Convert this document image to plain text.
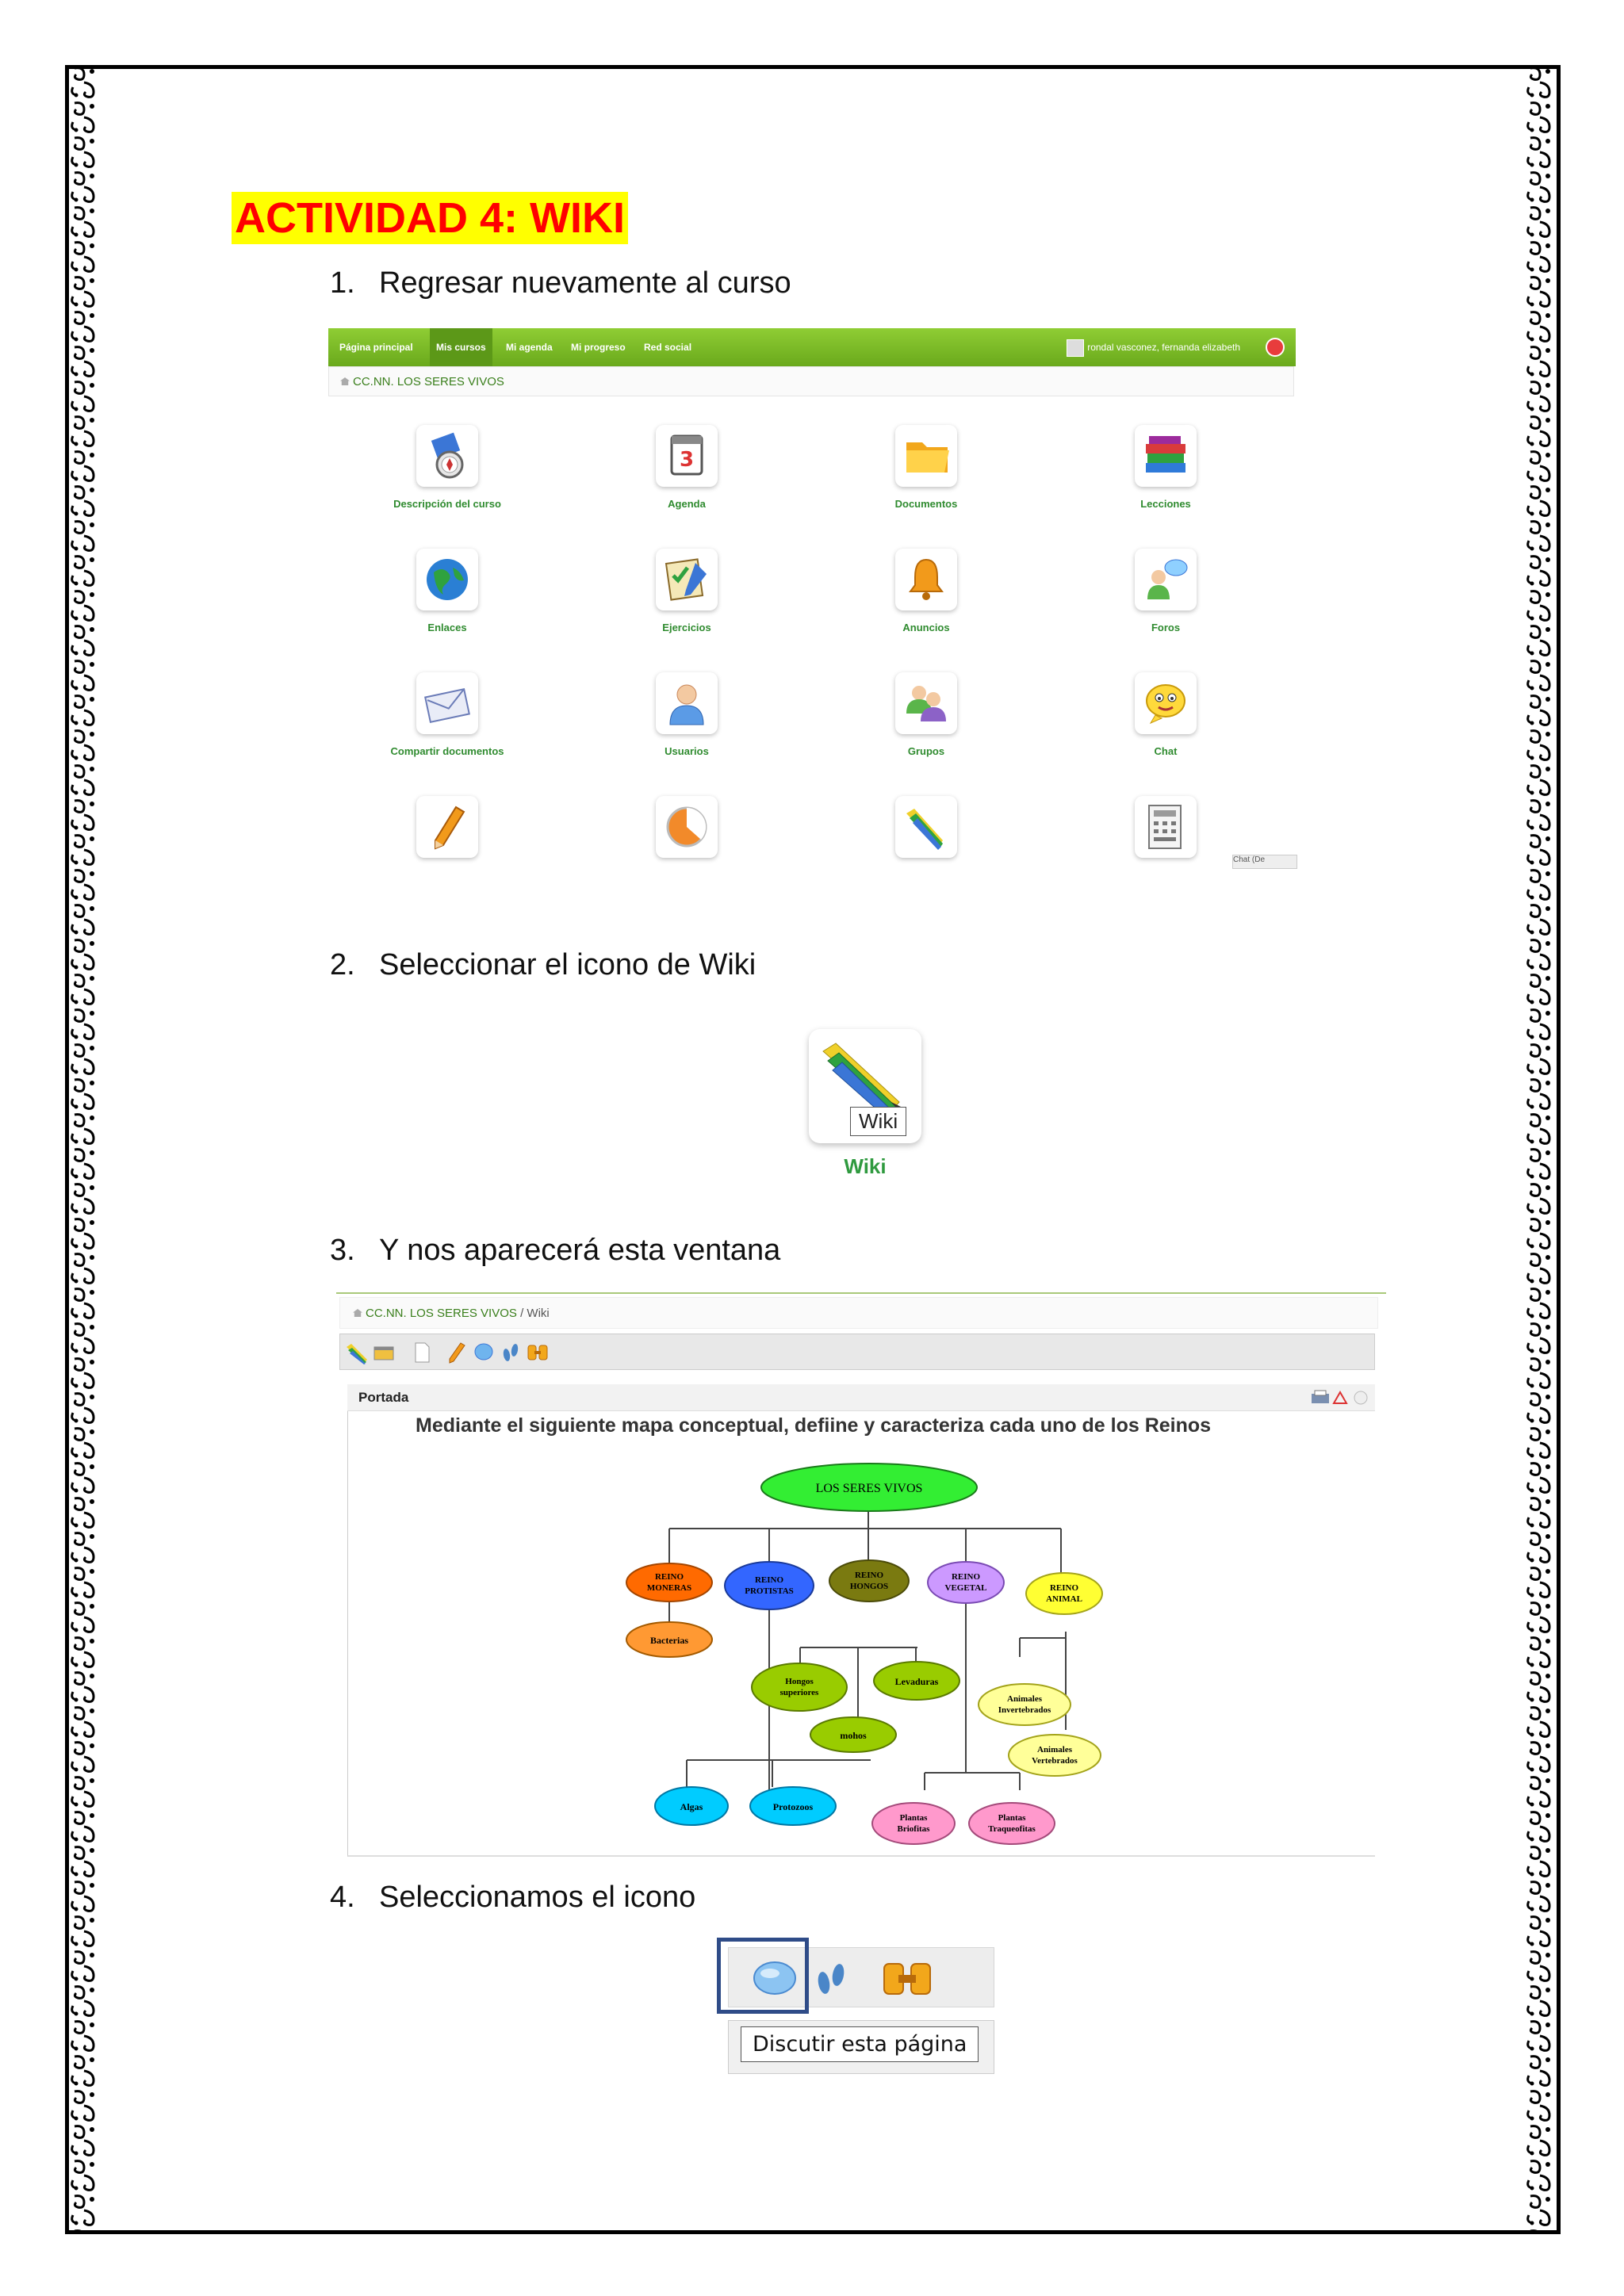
ACTIVIDAD 4: WIKI
1. Regresar nuevamente al curso
Página principal	Mis cursos	Mi agenda Mi progreso Red social	rondal vasconez, fernanda elizabeth
CC.NN. LOS SERES VIVOS
Descripción del curso
3
Agenda	Documentos	Lecciones
Enlaces	Ejercicios	Anuncios	Foros
Compartir documentos	Usuarios	Grupos	Chat
Chat (De
2. Seleccionar el icono de Wiki
Wiki
Wiki
3. Y nos aparecerá esta ventana
CC.NN. LOS SERES VIVOS / Wiki
Portada
Mediante el siguiente mapa conceptual, defiine y caracteriza cada uno de los Reinos
LOS SERES VIVOS
REINO
MONERAS
REINO
PROTISTAS
REINO
HONGOS
REINO
VEGETAL	REINO
ANIMAL
Bacterias
Hongos
superiores
Levaduras
mohos
Animales
Invertebrados
Animales
Vertebrados
Algas	Protozoos
Plantas
Briofitas
Plantas
Traqueofitas
4. Seleccionamos el icono
Discutir esta página
